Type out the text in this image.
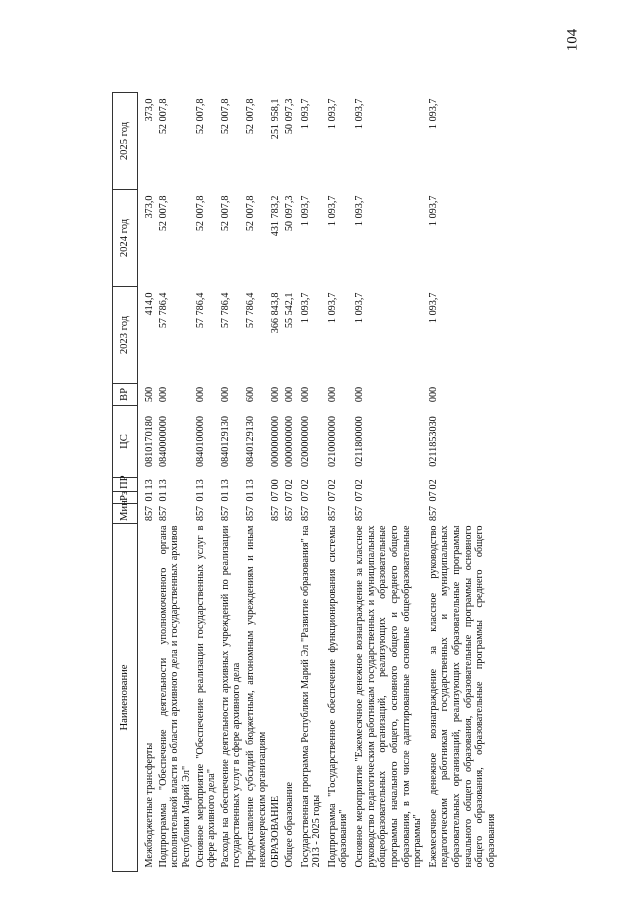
104
Наименование	Мин	Рз	ПР	ЦС	ВР	2023 год	2024 год	2025 год
Межбюджетные трансферты	857	01	13	0810170180	500	414,0	373,0	373,0
Подпрограмма "Обеспечение деятельности уполномоченного органа исполнительной власти в области архивного дела и государственных архивов Республики Марий Эл"	857	01	13	0840000000	000	57 786,4	52 007,8	52 007,8
Основное мероприятие "Обеспечение реализации государственных услуг в сфере архивного дела"	857	01	13	0840100000	000	57 786,4	52 007,8	52 007,8
Расходы на обеспечение деятельности архивных учреждений по реализации государственных услуг в сфере архивного дела	857	01	13	0840129130	000	57 786,4	52 007,8	52 007,8
Предоставление субсидий бюджетным, автономным учреждениям и иным некоммерческим организациям	857	01	13	0840129130	600	57 786,4	52 007,8	52 007,8
ОБРАЗОВАНИЕ	857	07	00	0000000000	000	366 843,8	431 783,2	251 958,1
Общее образование	857	07	02	0000000000	000	55 542,1	50 097,3	50 097,3
Государственная программа Республики Марий Эл "Развитие образования" на 2013 - 2025 годы	857	07	02	0200000000	000	1 093,7	1 093,7	1 093,7
Подпрограмма "Государственное обеспечение функционирования системы образования"	857	07	02	0210000000	000	1 093,7	1 093,7	1 093,7
Основное мероприятие "Ежемесячное денежное вознаграждение за классное руководство педагогическим работникам государственных и муниципальных общеобразовательных организаций, реализующих образовательные программы начального общего, основного общего и среднего общего образования, в том числе адаптированные основные общеобразовательные программы"	857	07	02	0211800000	000	1 093,7	1 093,7	1 093,7
Ежемесячное денежное вознаграждение за классное руководство педагогическим работникам государственных и муниципальных образовательных организаций, реализующих образовательные программы начального общего образования, образовательные программы основного общего образования, образовательные программы среднего общего образования	857	07	02	0211853030	000	1 093,7	1 093,7	1 093,7
